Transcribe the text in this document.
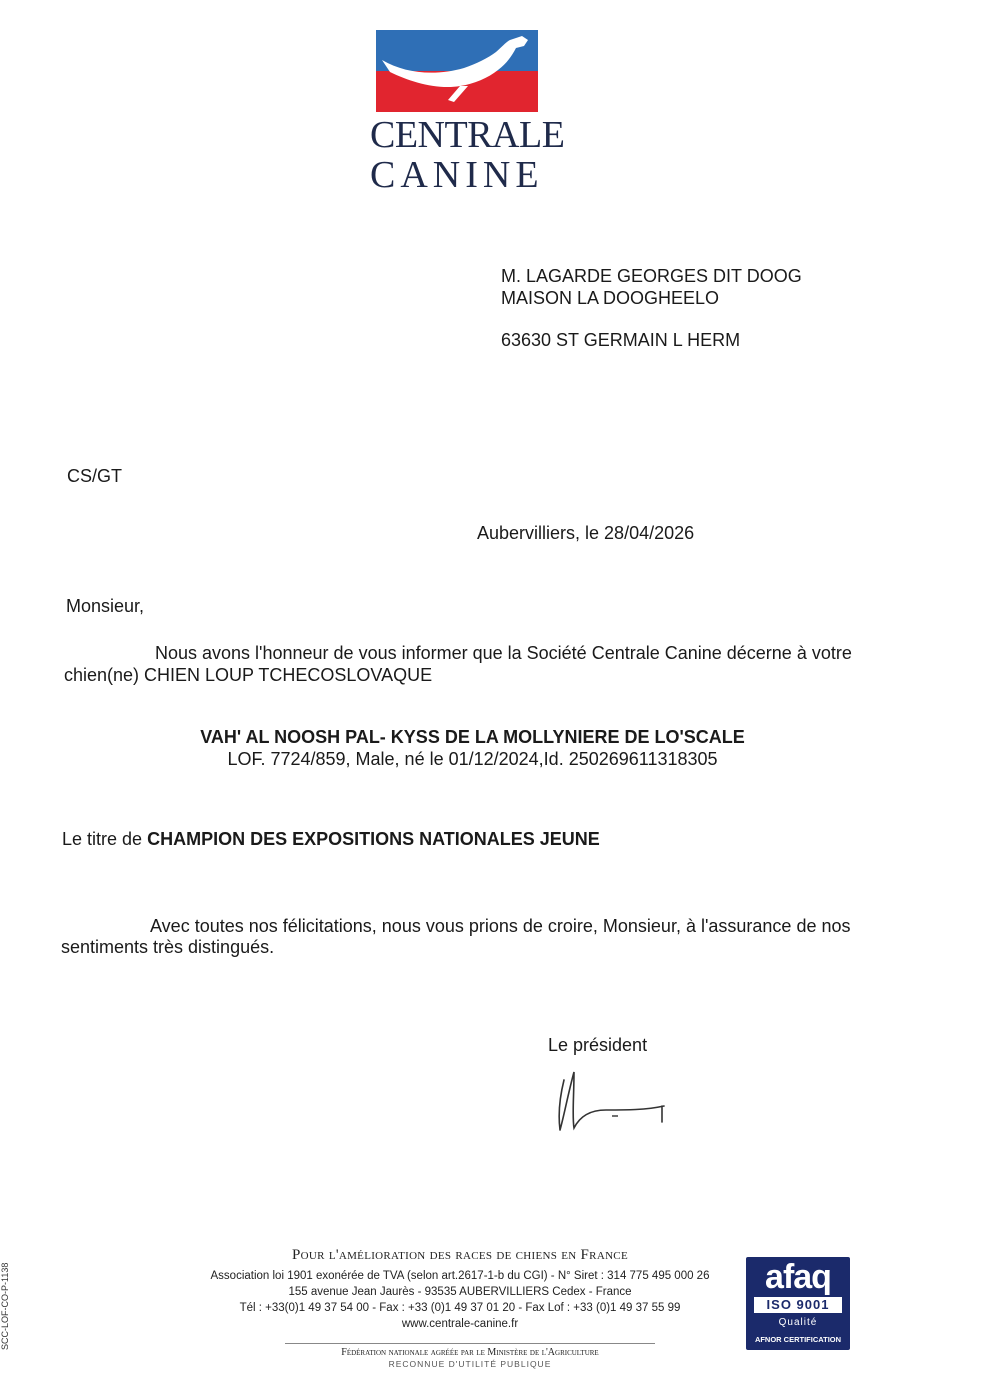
CENTRALE
CANINE
M. LAGARDE GEORGES DIT DOOG
MAISON LA DOOGHEELO
63630 ST GERMAIN L HERM
CS/GT
Aubervilliers, le 28/04/2026
Monsieur,
Nous avons l'honneur de vous informer que la Société Centrale Canine décerne à votre
chien(ne) CHIEN LOUP TCHECOSLOVAQUE
VAH' AL NOOSH PAL- KYSS DE LA MOLLYNIERE DE LO'SCALE
LOF. 7724/859, Male, né le 01/12/2024,Id. 250269611318305
Le titre de CHAMPION DES EXPOSITIONS NATIONALES JEUNE
Avec toutes nos félicitations, nous vous prions de croire, Monsieur, à l'assurance de nos
sentiments très distingués.
Le président
Pour l'amélioration des races de chiens en France
Association loi 1901 exonérée de TVA (selon art.2617-1-b du CGI) - N° Siret : 314 775 495 000 26
155 avenue Jean Jaurès - 93535 AUBERVILLIERS Cedex - France
Tél : +33(0)1 49 37 54 00 - Fax : +33 (0)1 49 37 01 20 - Fax Lof : +33 (0)1 49 37 55 99
www.centrale-canine.fr
Fédération nationale agréée par le Ministère de l'Agriculture
RECONNUE D'UTILITÉ PUBLIQUE
afaq
ISO 9001
Qualité
AFNOR CERTIFICATION
SCC-LOF-CO-P-1138
